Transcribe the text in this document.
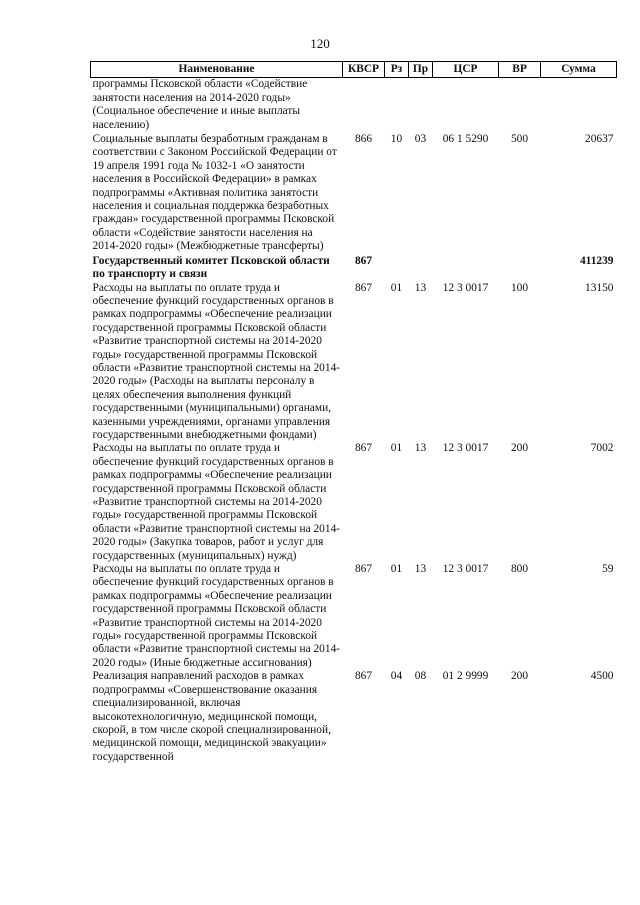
120
Наименование	КВСР	Рз	Пр	ЦСР	ВР	Сумма
программы Псковской области «Содействие занятости населения на 2014-2020 годы» (Социальное обеспечение и иные выплаты населению)						
Социальные выплаты безработным гражданам в соответствии с Законом Российской Федерации от 19 апреля 1991 года № 1032-1 «О занятости населения в Российской Федерации» в рамках подпрограммы «Активная политика занятости населения и социальная поддержка безработных граждан» государственной программы Псковской области «Содействие занятости населения на 2014-2020 годы» (Межбюджетные трансферты)	866	10	03	06 1 5290	500	20637
Государственный комитет Псковской области по транспорту и связи	867					411239
Расходы на выплаты по оплате труда и обеспечение функций государственных органов в рамках подпрограммы «Обеспечение реализации государственной программы Псковской области «Развитие транспортной системы на 2014-2020 годы» государственной программы Псковской области «Развитие транспортной системы на 2014-2020 годы» (Расходы на выплаты персоналу в целях обеспечения выполнения функций государственными (муниципальными) органами, казенными учреждениями, органами управления государственными внебюджетными фондами)	867	01	13	12 3 0017	100	13150
Расходы на выплаты по оплате труда и обеспечение функций государственных органов в рамках подпрограммы «Обеспечение реализации государственной программы Псковской области «Развитие транспортной системы на 2014-2020 годы» государственной программы Псковской области «Развитие транспортной системы на 2014-2020 годы» (Закупка товаров, работ и услуг для государственных (муниципальных) нужд)	867	01	13	12 3 0017	200	7002
Расходы на выплаты по оплате труда и обеспечение функций государственных органов в рамках подпрограммы «Обеспечение реализации государственной программы Псковской области «Развитие транспортной системы на 2014-2020 годы» государственной программы Псковской области «Развитие транспортной системы на 2014-2020 годы» (Иные бюджетные ассигнования)	867	01	13	12 3 0017	800	59
Реализация направлений расходов в рамках подпрограммы «Совершенствование оказания специализированной, включая высокотехнологичную, медицинской помощи, скорой, в том числе скорой специализированной, медицинской помощи, медицинской эвакуации» государственной	867	04	08	01 2 9999	200	4500
